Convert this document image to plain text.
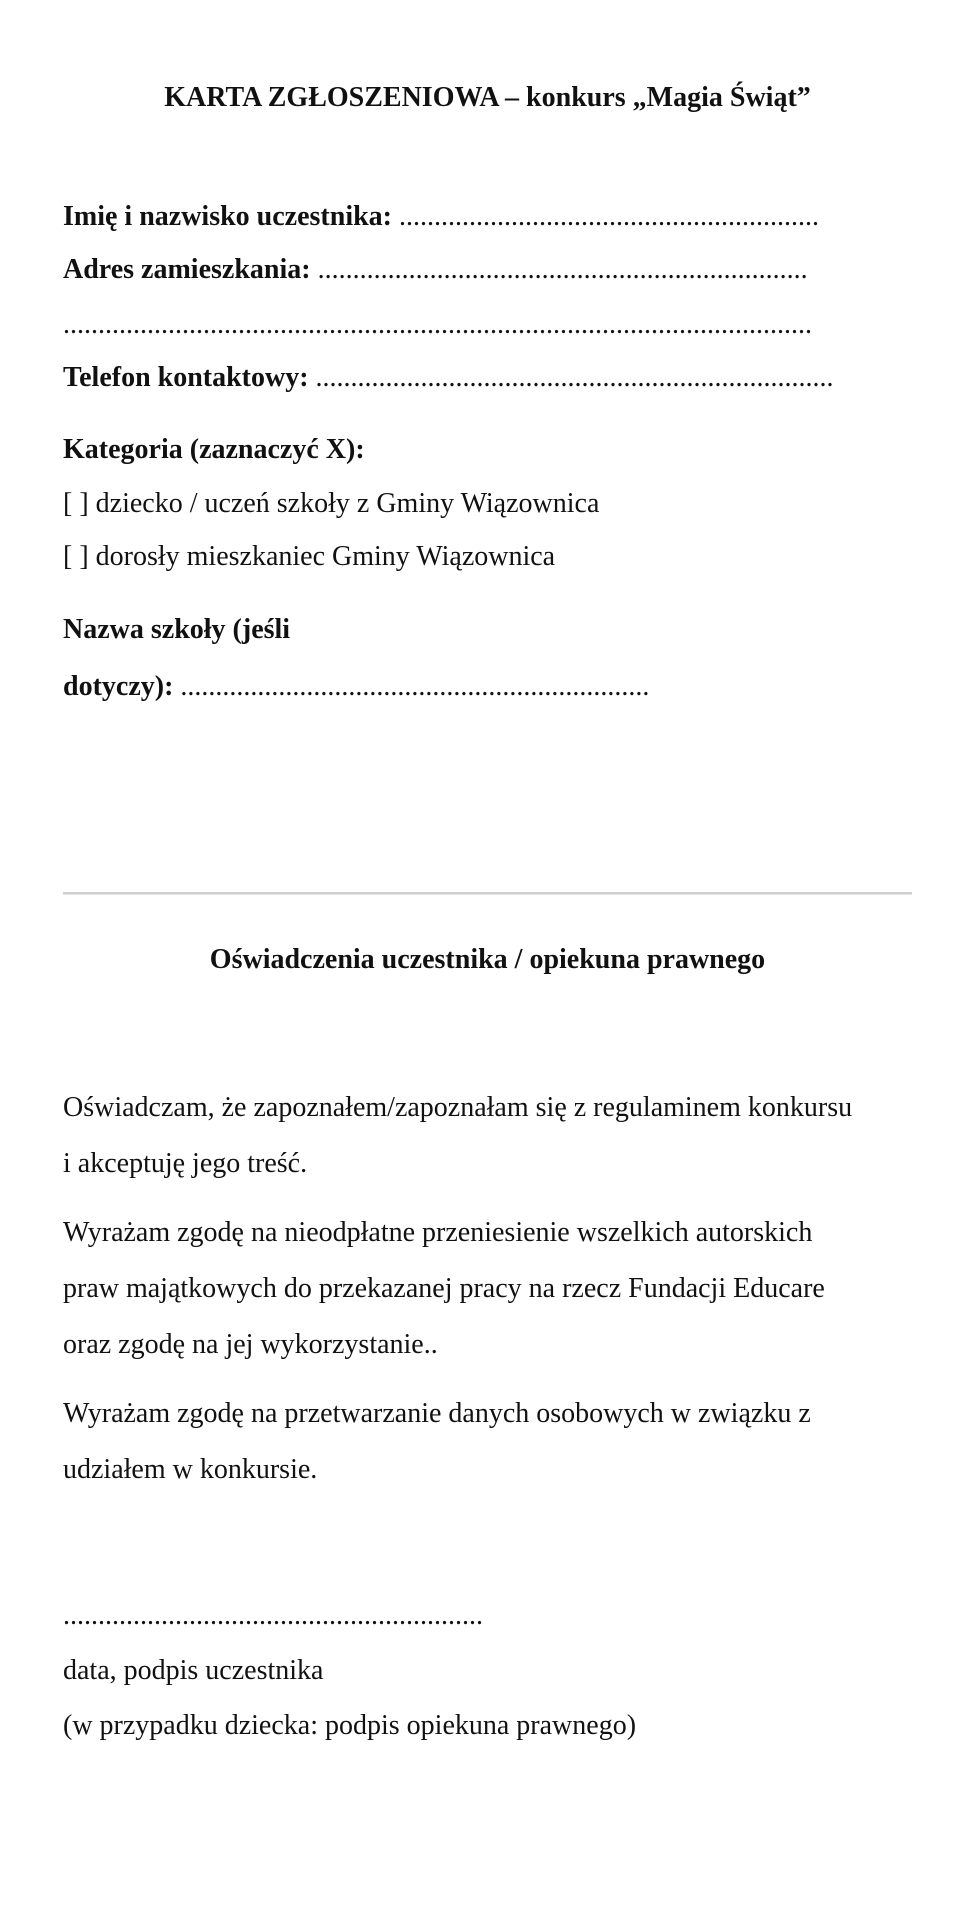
KARTA ZGŁOSZENIOWA – konkurs „Magia Świąt”
Imię i nazwisko uczestnika: ............................................................
Adres zamieszkania: ......................................................................
...........................................................................................................
Telefon kontaktowy: ..........................................................................
Kategoria (zaznaczyć X):
[ ] dziecko / uczeń szkoły z Gminy Wiązownica
[ ] dorosły mieszkaniec Gminy Wiązownica
Nazwa szkoły (jeśli
dotyczy): ...................................................................
Oświadczenia uczestnika / opiekuna prawnego
Oświadczam, że zapoznałem/zapoznałam się z regulaminem konkursu
i akceptuję jego treść.
Wyrażam zgodę na nieodpłatne przeniesienie wszelkich autorskich
praw majątkowych do przekazanej pracy na rzecz Fundacji Educare
oraz zgodę na jej wykorzystanie..
Wyrażam zgodę na przetwarzanie danych osobowych w związku z
udziałem w konkursie.
............................................................
data, podpis uczestnika
(w przypadku dziecka: podpis opiekuna prawnego)
